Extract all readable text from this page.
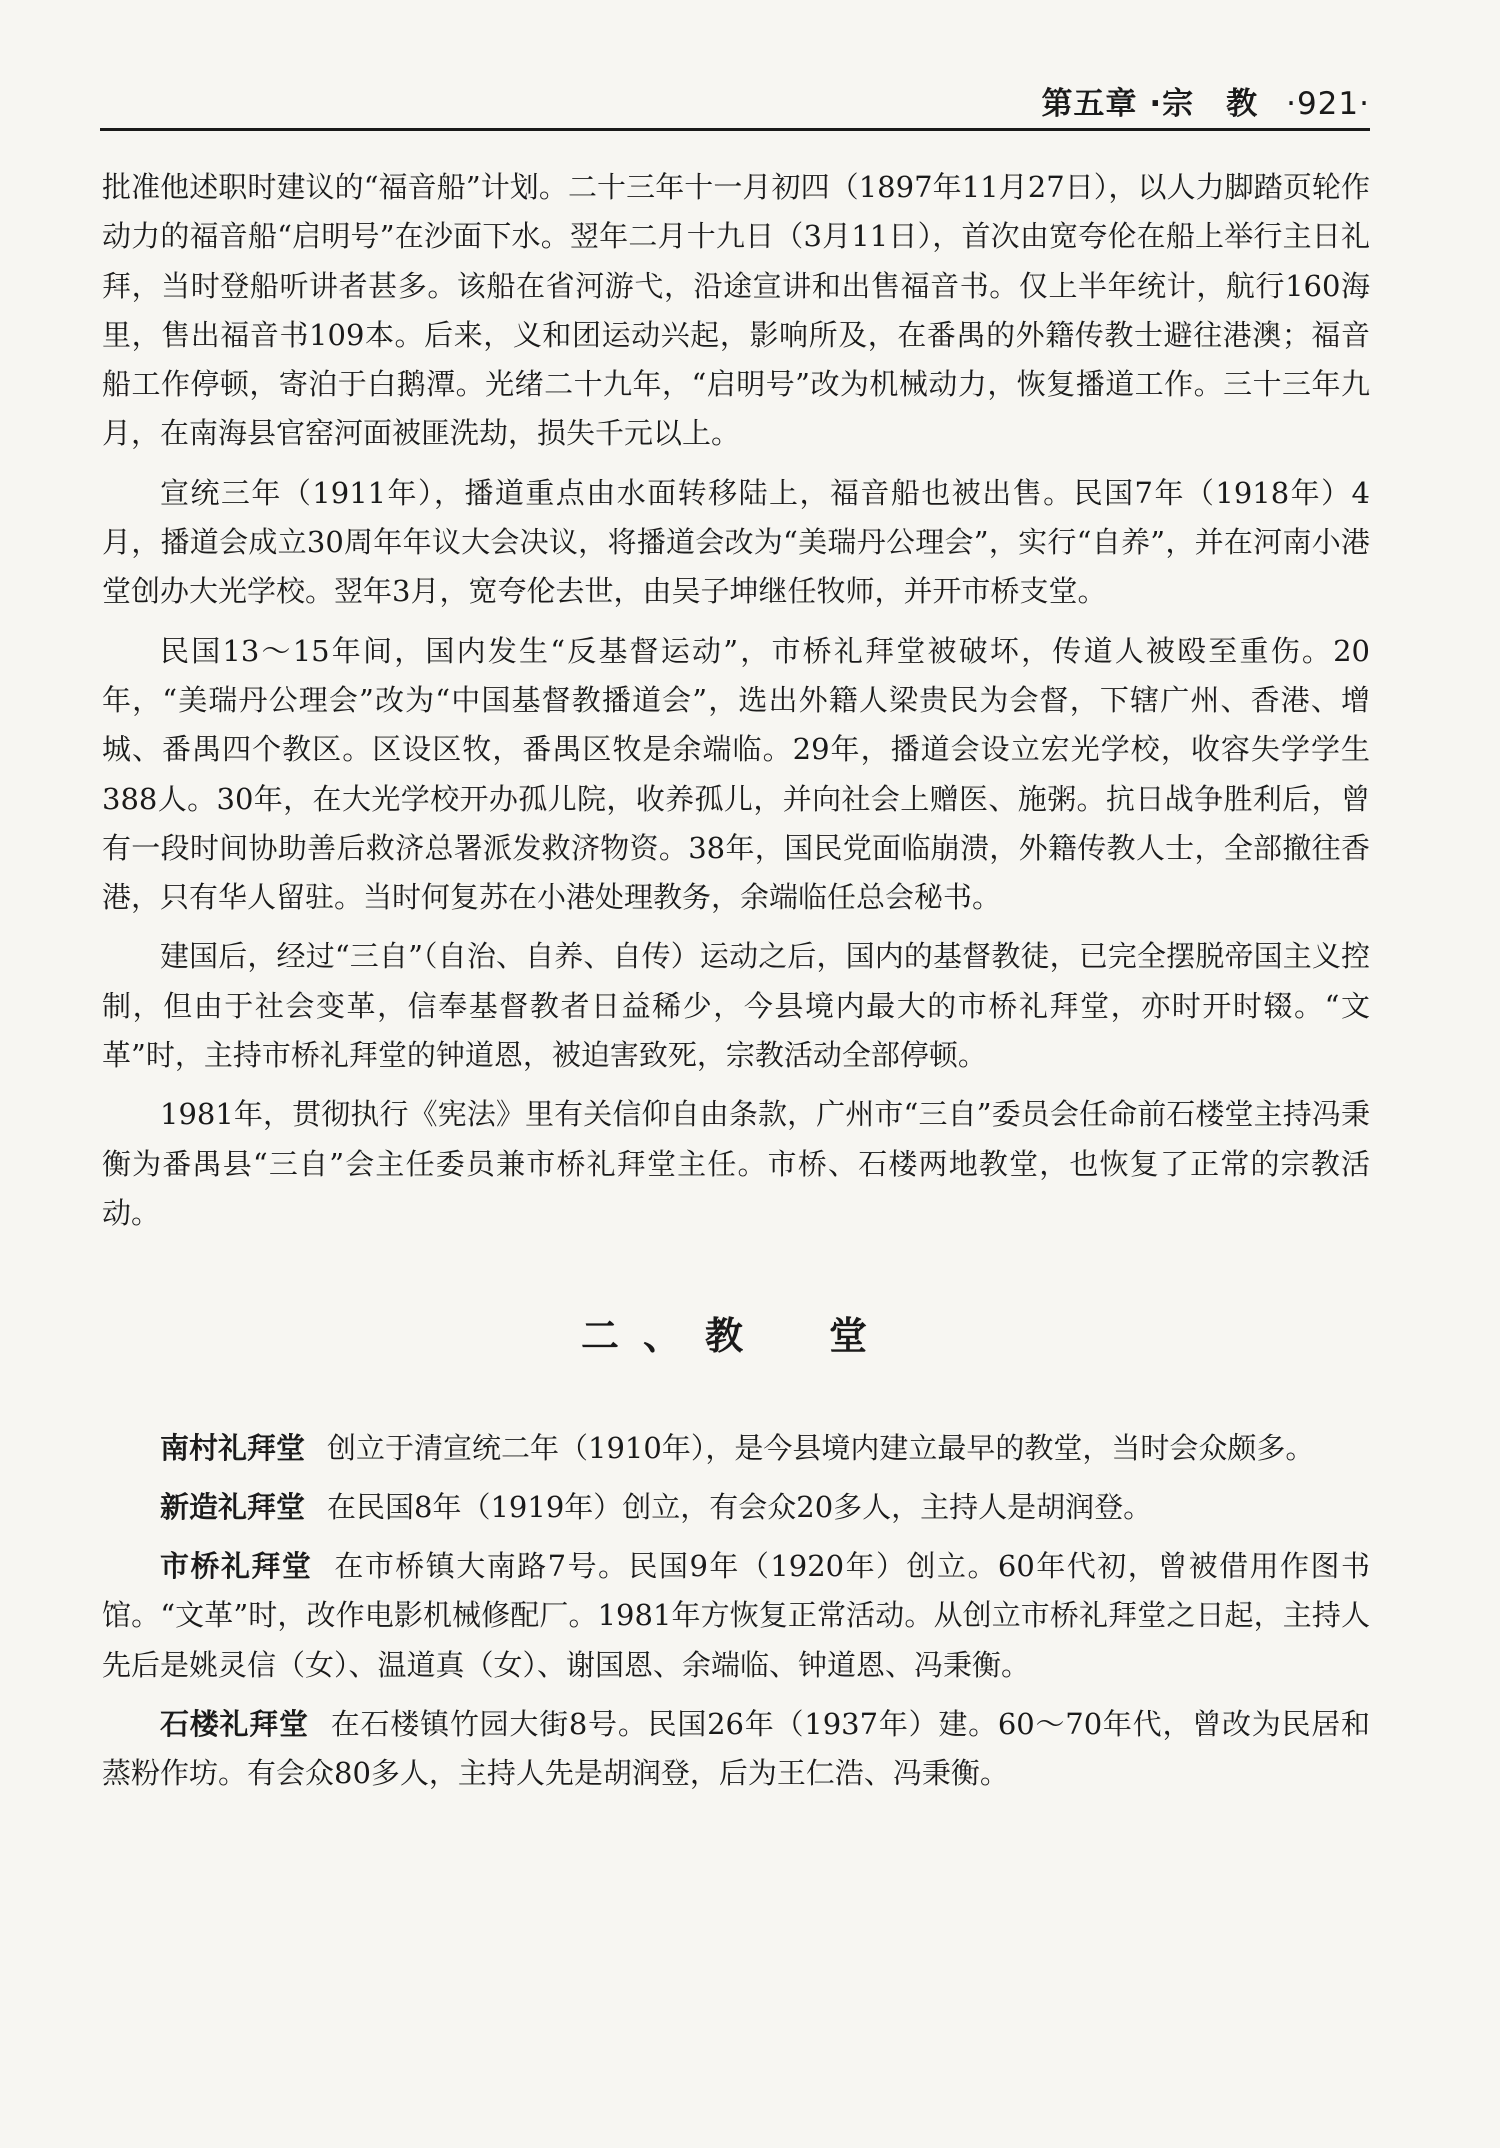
第五章 ·宗　教 ·921·

批准他述职时建议的“福音船”计划。二十三年十一月初四（1897年11月27日），以人力脚踏页轮作动力的福音船“启明号”在沙面下水。翌年二月十九日（3月11日），首次由宽夸伦在船上举行主日礼拜，当时登船听讲者甚多。该船在省河游弋，沿途宣讲和出售福音书。仅上半年统计，航行160海里，售出福音书109本。后来，义和团运动兴起，影响所及，在番禺的外籍传教士避往港澳；福音船工作停顿，寄泊于白鹅潭。光绪二十九年，“启明号”改为机械动力，恢复播道工作。三十三年九月，在南海县官窑河面被匪洗劫，损失千元以上。

宣统三年（1911年），播道重点由水面转移陆上，福音船也被出售。民国7年（1918年）4月，播道会成立30周年年议大会决议，将播道会改为“美瑞丹公理会”，实行“自养”，并在河南小港堂创办大光学校。翌年3月，宽夸伦去世，由吴子坤继任牧师，并开市桥支堂。

民国13～15年间，国内发生“反基督运动”，市桥礼拜堂被破坏，传道人被殴至重伤。20年，“美瑞丹公理会”改为“中国基督教播道会”，选出外籍人梁贵民为会督，下辖广州、香港、增城、番禺四个教区。区设区牧，番禺区牧是余端临。29年，播道会设立宏光学校，收容失学学生388人。30年，在大光学校开办孤儿院，收养孤儿，并向社会上赠医、施粥。抗日战争胜利后，曾有一段时间协助善后救济总署派发救济物资。38年，国民党面临崩溃，外籍传教人士，全部撤往香港，只有华人留驻。当时何复苏在小港处理教务，余端临任总会秘书。

建国后，经过“三自”（自治、自养、自传）运动之后，国内的基督教徒，已完全摆脱帝国主义控制，但由于社会变革，信奉基督教者日益稀少，今县境内最大的市桥礼拜堂，亦时开时辍。“文革”时，主持市桥礼拜堂的钟道恩，被迫害致死，宗教活动全部停顿。

1981年，贯彻执行《宪法》里有关信仰自由条款，广州市“三自”委员会任命前石楼堂主持冯秉衡为番禺县“三自”会主任委员兼市桥礼拜堂主任。市桥、石楼两地教堂，也恢复了正常的宗教活动。

二、教　堂

南村礼拜堂 创立于清宣统二年（1910年），是今县境内建立最早的教堂，当时会众颇多。

新造礼拜堂 在民国8年（1919年）创立，有会众20多人，主持人是胡润登。

市桥礼拜堂 在市桥镇大南路7号。民国9年（1920年）创立。60年代初，曾被借用作图书馆。“文革”时，改作电影机械修配厂。1981年方恢复正常活动。从创立市桥礼拜堂之日起，主持人先后是姚灵信（女）、温道真（女）、谢国恩、余端临、钟道恩、冯秉衡。

石楼礼拜堂 在石楼镇竹园大街8号。民国26年（1937年）建。60～70年代，曾改为民居和蒸粉作坊。有会众80多人，主持人先是胡润登，后为王仁浩、冯秉衡。
